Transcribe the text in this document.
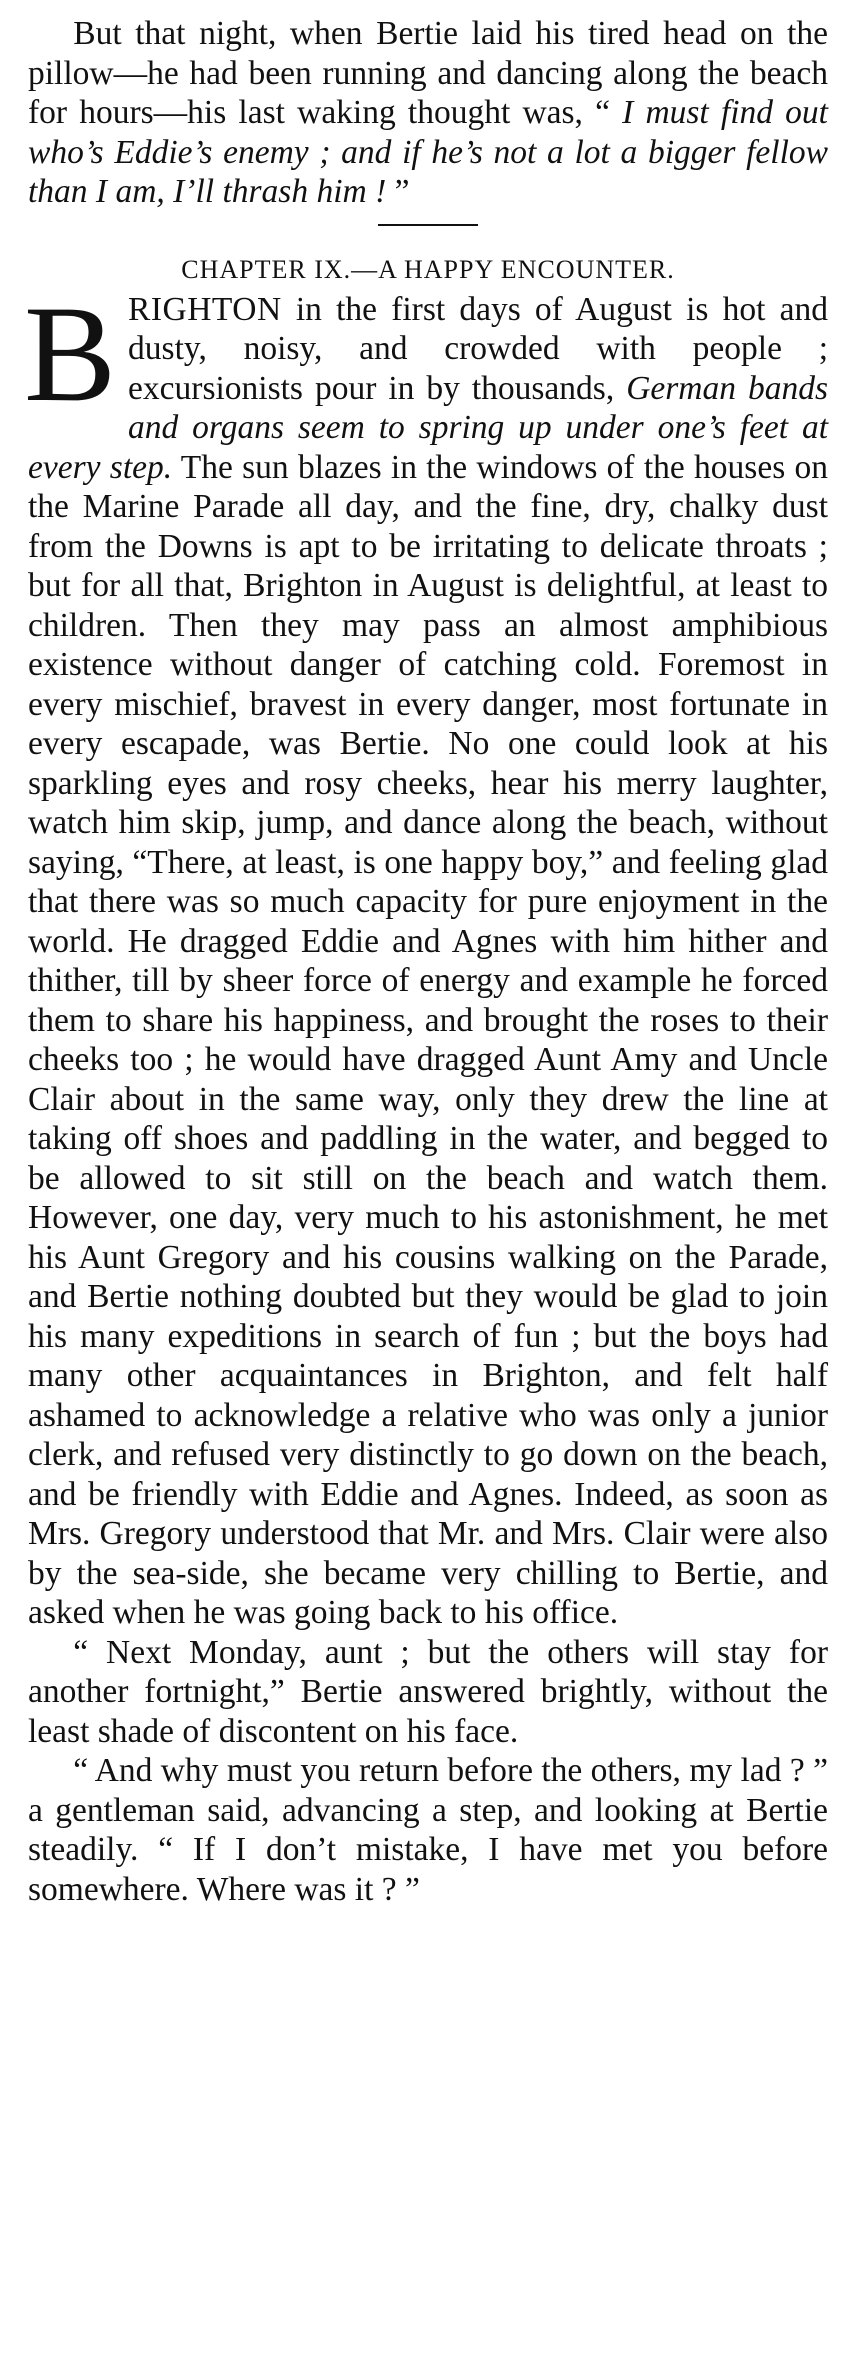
But that night, when Bertie laid his tired head on the pillow—he had been running and dancing along the beach for hours—his last waking thought was, “ I must find out who’s Eddie’s enemy ; and if he’s not a lot a bigger fellow than I am, I’ll thrash him ! ”

CHAPTER IX.—A HAPPY ENCOUNTER.

BRIGHTON in the first days of August is hot and dusty, noisy, and crowded with people ; excursionists pour in by thousands, German bands and organs seem to spring up under one’s feet at every step. The sun blazes in the windows of the houses on the Marine Parade all day, and the fine, dry, chalky dust from the Downs is apt to be irritating to delicate throats ; but for all that, Brighton in August is delightful, at least to children. Then they may pass an almost amphibious existence without danger of catching cold. Foremost in every mischief, bravest in every danger, most fortunate in every escapade, was Bertie. No one could look at his sparkling eyes and rosy cheeks, hear his merry laughter, watch him skip, jump, and dance along the beach, without saying, “There, at least, is one happy boy,” and feeling glad that there was so much capacity for pure enjoyment in the world. He dragged Eddie and Agnes with him hither and thither, till by sheer force of energy and example he forced them to share his happiness, and brought the roses to their cheeks too ; he would have dragged Aunt Amy and Uncle Clair about in the same way, only they drew the line at taking off shoes and paddling in the water, and begged to be allowed to sit still on the beach and watch them. However, one day, very much to his astonishment, he met his Aunt Gregory and his cousins walking on the Parade, and Bertie nothing doubted but they would be glad to join his many expeditions in search of fun ; but the boys had many other acquaintances in Brighton, and felt half ashamed to acknowledge a relative who was only a junior clerk, and refused very distinctly to go down on the beach, and be friendly with Eddie and Agnes. Indeed, as soon as Mrs. Gregory understood that Mr. and Mrs. Clair were also by the sea-side, she became very chilling to Bertie, and asked when he was going back to his office.

“ Next Monday, aunt ; but the others will stay for another fortnight,” Bertie answered brightly, without the least shade of discontent on his face.

“ And why must you return before the others, my lad ? ” a gentleman said, advancing a step, and looking at Bertie steadily. “ If I don’t mistake, I have met you before somewhere. Where was it ? ”
